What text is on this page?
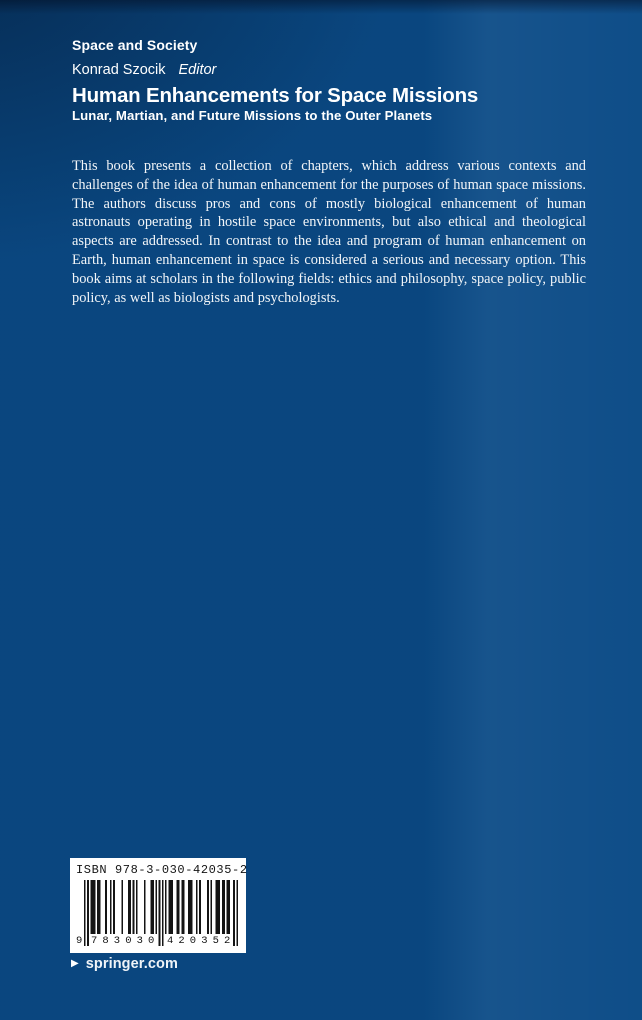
Space and Society
Konrad Szocik Editor
Human Enhancements for Space Missions
Lunar, Martian, and Future Missions to the Outer Planets
This book presents a collection of chapters, which address various contexts and challenges of the idea of human enhancement for the purposes of human space missions. The authors discuss pros and cons of mostly biological enhancement of human astronauts operating in hostile space environments, but also ethical and theological aspects are addressed. In contrast to the idea and program of human enhancement on Earth, human enhancement in space is considered a serious and necessary option. This book aims at scholars in the following fields: ethics and philosophy, space policy, public policy, as well as biologists and psychologists.
ISBN 978-3-030-42035-2
9 783030 420352
▶ springer.com
